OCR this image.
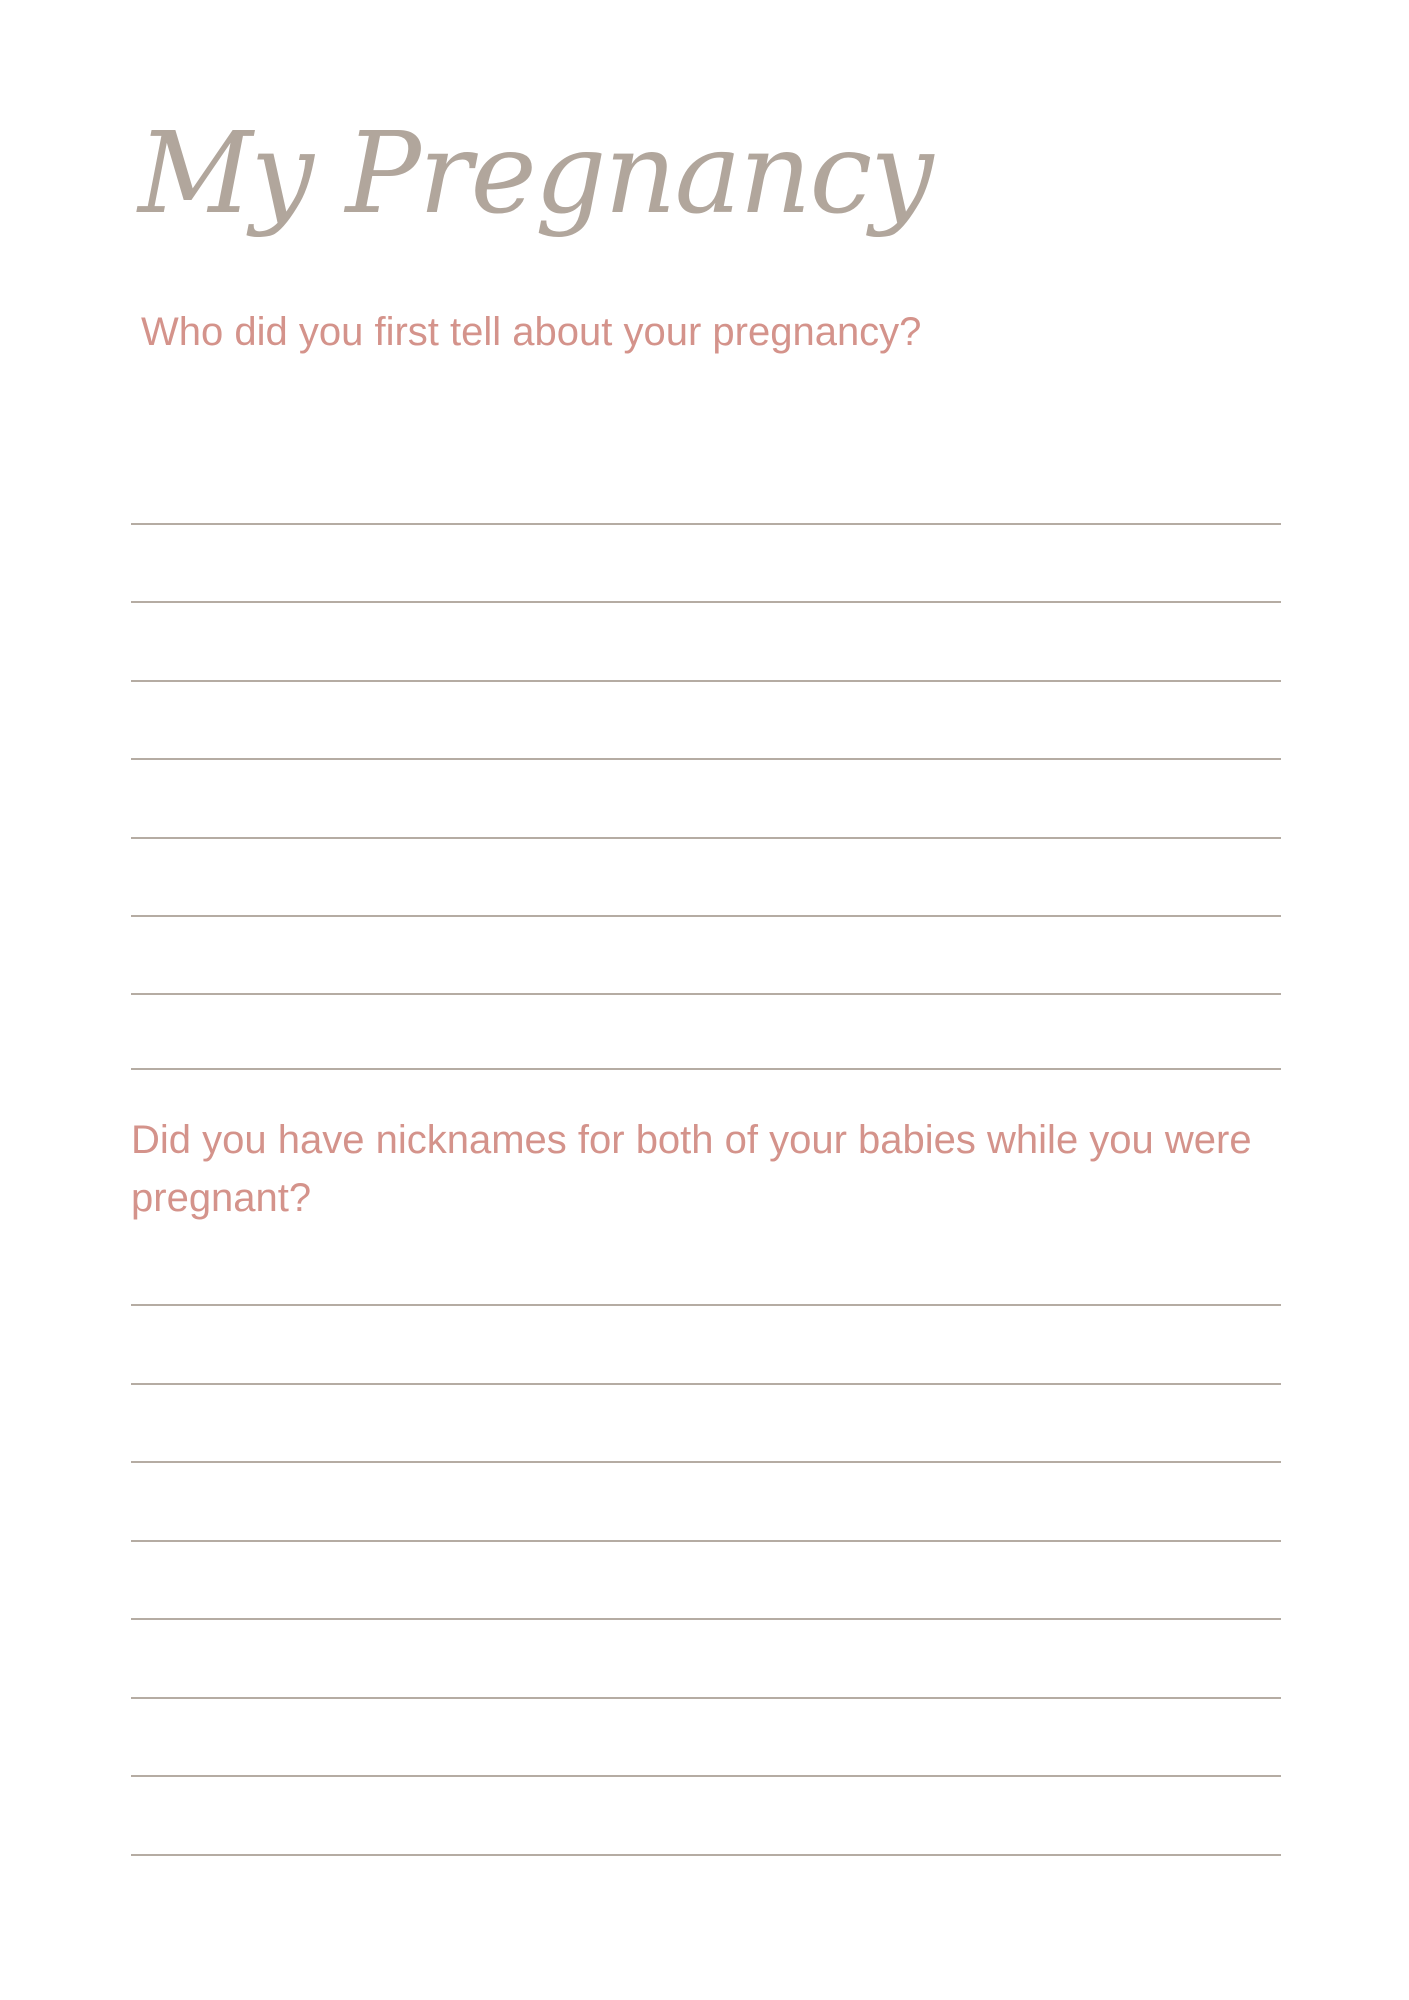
My Pregnancy

Who did you first tell about your pregnancy?

Did you have nicknames for both of your babies while you were pregnant?
